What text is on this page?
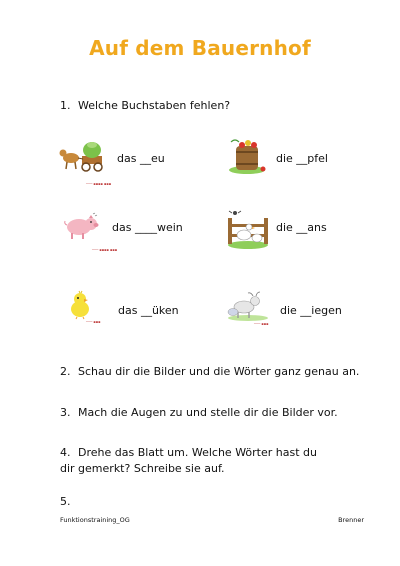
Auf dem Bauernhof
1. Welche Buchstaben fehlen?
─── ▪▪▪▪ ▪▪▪
das __eu	die __pfel
─── ▪▪▪▪ ▪▪▪
das ____wein	die __ans
─── ▪▪▪
das __üken
─── ▪▪▪
die __iegen
2. Schau dir die Bilder und die Wörter ganz genau an.
3. Mach die Augen zu und stelle dir die Bilder vor.
4. Drehe das Blatt um. Welche Wörter hast du dir gemerkt? Schreibe sie auf.
5.
Funktionstraining_OG	Brenner
